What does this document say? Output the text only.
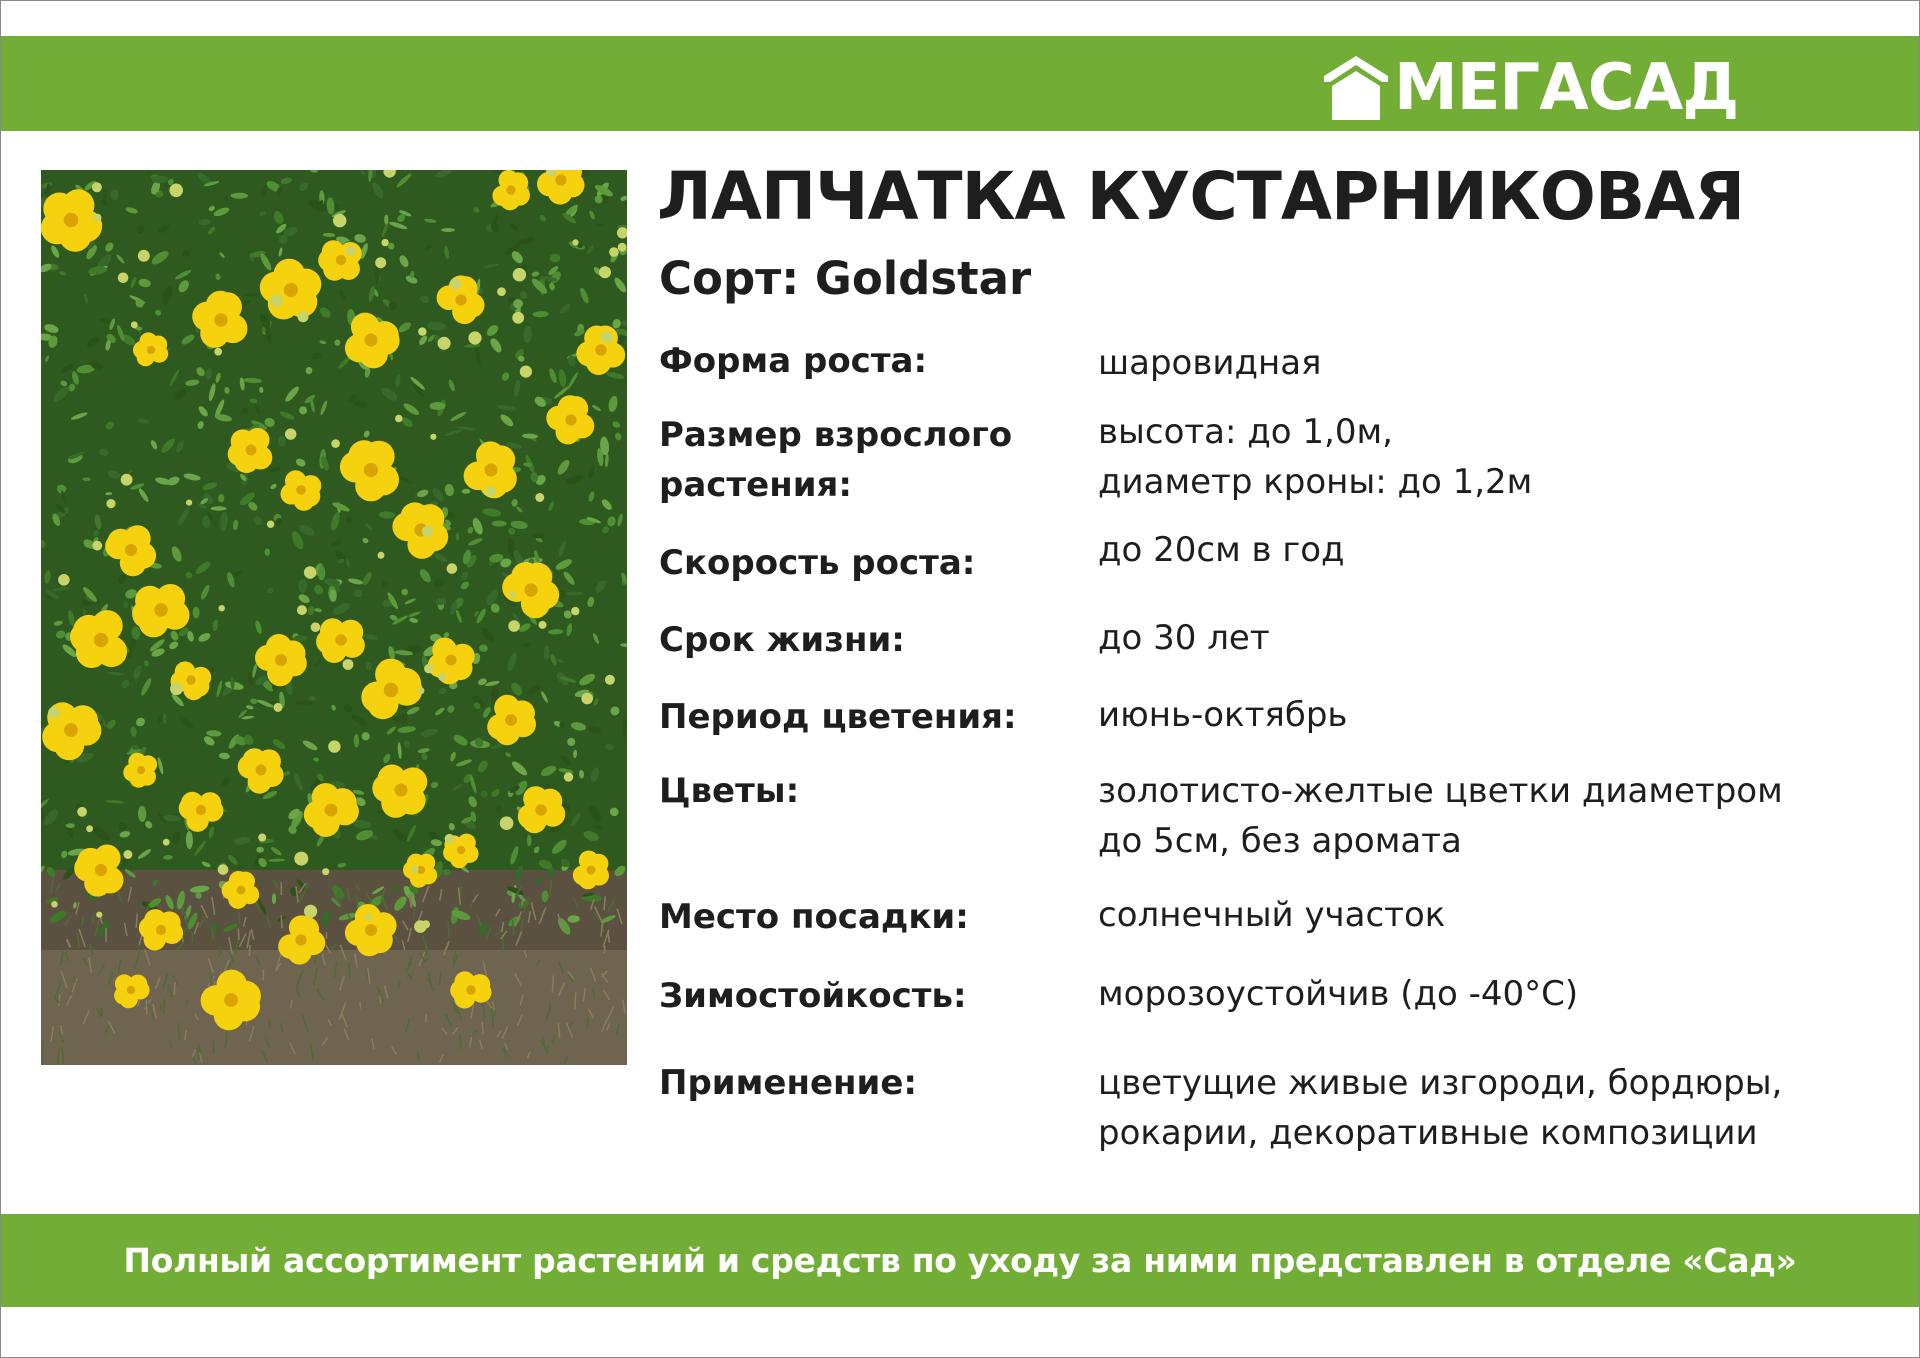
МЕГАСАД
ЛАПЧАТКА КУСТАРНИКОВАЯ
Сорт: Goldstar
Форма роста:	шаровидная
Размер взрослого
растения:
высота: до 1,0м,
диаметр кроны: до 1,2м
Скорость роста:	до 20см в год
Срок жизни:	до 30 лет
Период цветения:	июнь-октябрь
Цветы:	золотисто-желтые цветки диаметром
до 5см, без аромата
Место посадки:	солнечный участок
Зимостойкость:	морозоустойчив (до -40°С)
Применение:	цветущие живые изгороди, бордюры,
рокарии, декоративные композиции
Полный ассортимент растений и средств по уходу за ними представлен в отделе «Сад»
